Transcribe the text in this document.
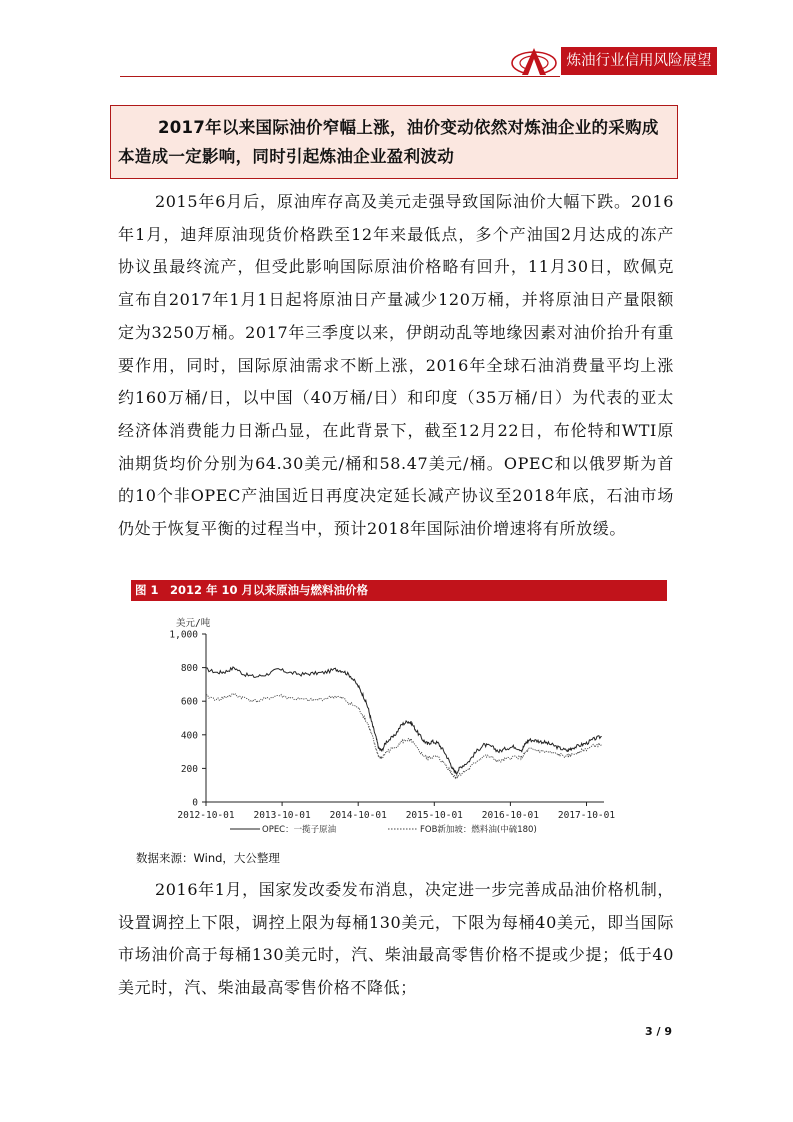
炼油行业信用风险展望
2017年以来国际油价窄幅上涨，油价变动依然对炼油企业的采购成本造成一定影响，同时引起炼油企业盈利波动
2015年6月后，原油库存高及美元走强导致国际油价大幅下跌。2016年1月，迪拜原油现货价格跌至12年来最低点，多个产油国2月达成的冻产协议虽最终流产，但受此影响国际原油价格略有回升，11月30日，欧佩克宣布自2017年1月1日起将原油日产量减少120万桶，并将原油日产量限额定为3250万桶。2017年三季度以来，伊朗动乱等地缘因素对油价抬升有重要作用，同时，国际原油需求不断上涨，2016年全球石油消费量平均上涨约160万桶/日，以中国（40万桶/日）和印度（35万桶/日）为代表的亚太经济体消费能力日渐凸显，在此背景下，截至12月22日，布伦特和WTI原油期货均价分别为64.30美元/桶和58.47美元/桶。OPEC和以俄罗斯为首的10个非OPEC产油国近日再度决定延长减产协议至2018年底，石油市场仍处于恢复平衡的过程当中，预计2018年国际油价增速将有所放缓。
图 1　2012 年 10 月以来原油与燃料油价格
美元/吨
0
200
400
600
800
1,000
2012-10-01 2013-10-01 2014-10-01 2015-10-01 2016-10-01 2017-10-01
OPEC：一揽子原油	FOB新加坡：燃料油(中硫180)
数据来源：Wind，大公整理
2016年1月，国家发改委发布消息，决定进一步完善成品油价格机制，设置调控上下限，调控上限为每桶130美元，下限为每桶40美元，即当国际市场油价高于每桶130美元时，汽、柴油最高零售价格不提或少提；低于40美元时，汽、柴油最高零售价格不降低；
3 / 9
